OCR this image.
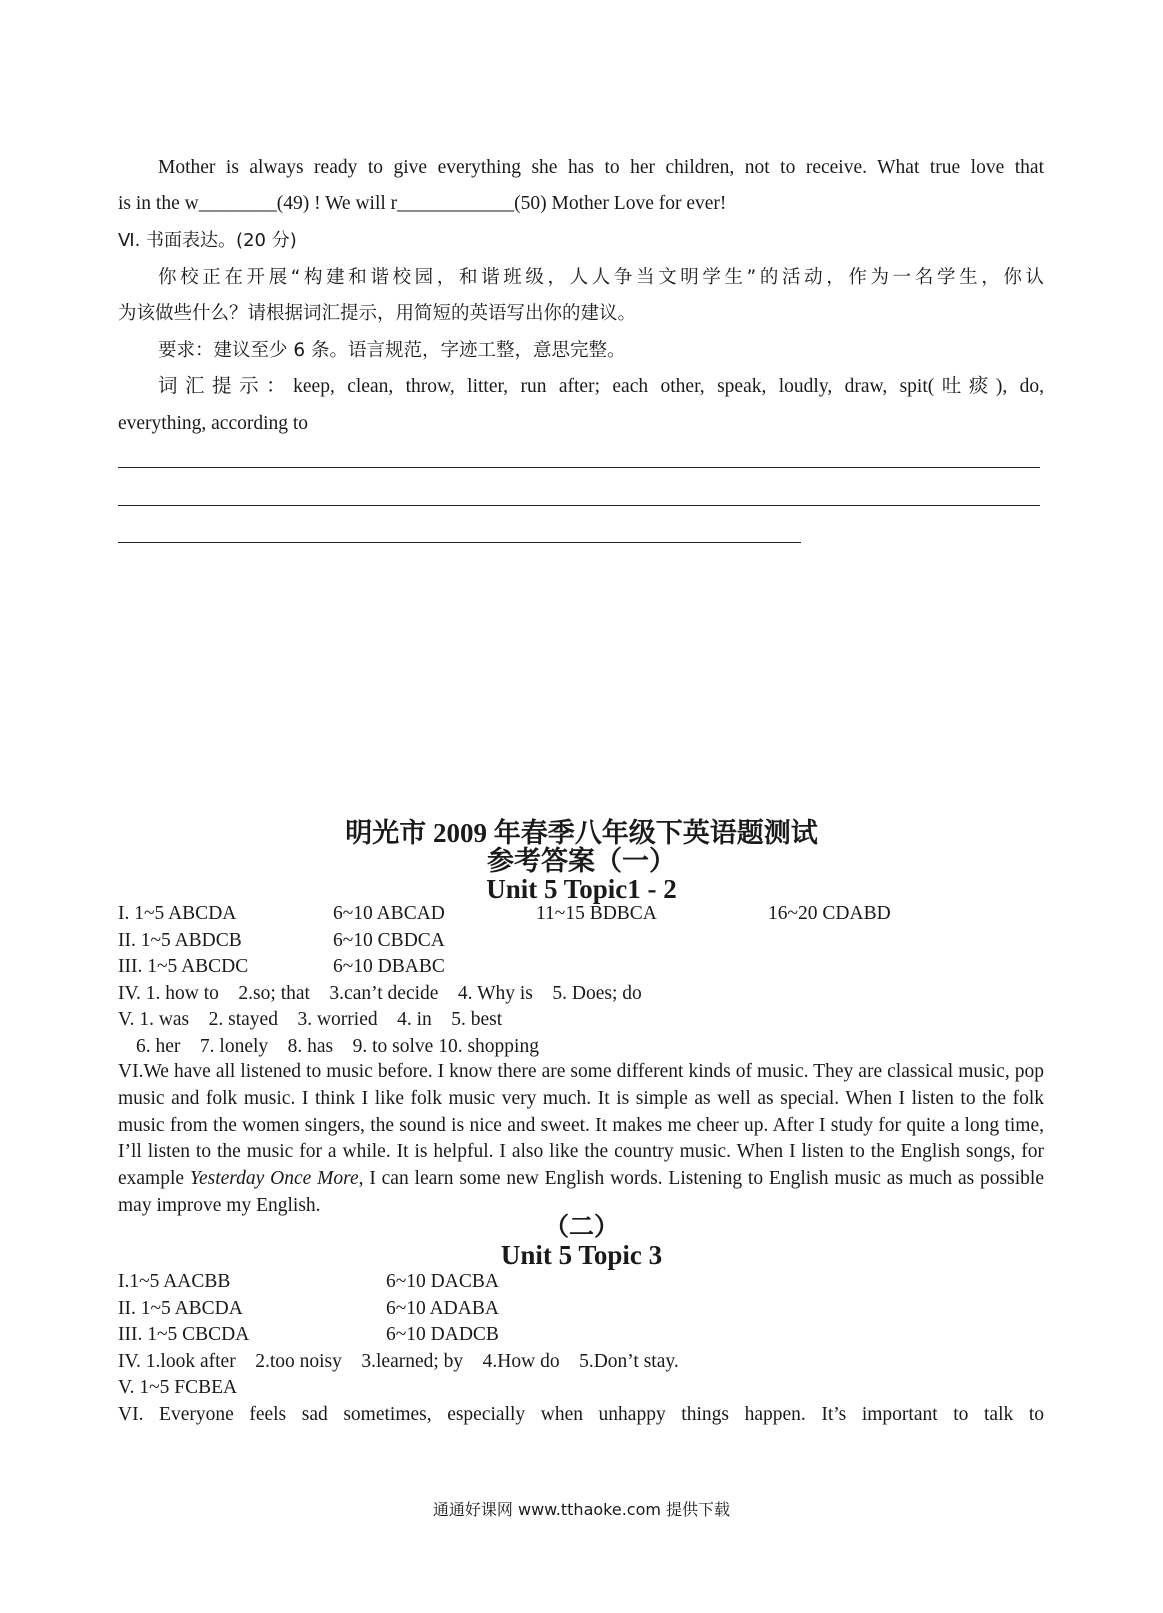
Mother is always ready to give everything she has to her children, not to receive. What true love that
is in the w________(49) ! We will r____________(50) Mother Love for ever!
Ⅵ. 书面表达。(20 分)
你校正在开展“构建和谐校园，和谐班级，人人争当文明学生”的活动，作为一名学生，你认
为该做些什么？请根据词汇提示，用简短的英语写出你的建议。
要求：建议至少 6 条。语言规范，字迹工整，意思完整。
词汇提示：keep, clean, throw, litter, run after; each other, speak, loudly, draw, spit(吐痰), do,
everything, according to
明光市 2009 年春季八年级下英语题测试
参考答案（一）
Unit 5 Topic1 - 2
I. 1~5 ABCDA	6~10 ABCAD	11~15 BDBCA	16~20 CDABD
II. 1~5 ABDCB	6~10 CBDCA
III. 1~5 ABCDC	6~10 DBABC
IV. 1. how to    2.so; that    3.can’t decide    4. Why is    5. Does; do
V. 1. was    2. stayed    3. worried    4. in    5. best
6. her    7. lonely    8. has    9. to solve 10. shopping
VI.We have all listened to music before. I know there are some different kinds of music. They are classical music, pop music and folk music. I think I like folk music very much. It is simple as well as special. When I listen to the folk music from the women singers, the sound is nice and sweet. It makes me cheer up. After I study for quite a long time, I’ll listen to the music for a while. It is helpful. I also like the country music. When I listen to the English songs, for example Yesterday Once More, I can learn some new English words. Listening to English music as much as possible may improve my English.
（二）
Unit 5 Topic 3
I.1~5 AACBB	6~10 DACBA
II. 1~5 ABCDA	6~10 ADABA
III. 1~5 CBCDA	6~10 DADCB
IV. 1.look after    2.too noisy    3.learned; by    4.How do    5.Don’t stay.
V. 1~5 FCBEA
VI. Everyone feels sad sometimes, especially when unhappy things happen. It’s important to talk to
通通好课网 www.tthaoke.com 提供下载
